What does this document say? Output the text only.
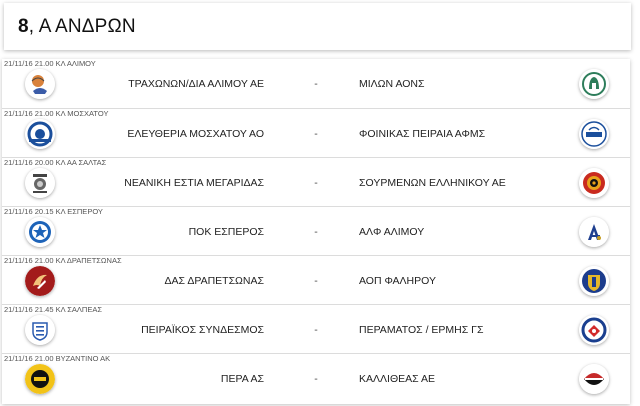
8, Α ΑΝΔΡΩΝ
21/11/16 21.00 ΚΛ ΑΛΙΜΟΥ
ΤΡΑΧΩΝΩΝ/ΔΙΑ ΑΛΙΜΟΥ ΑΕ	-	ΜΙΛΩΝ ΑΟΝΣ
21/11/16 21.00 ΚΛ ΜΟΣΧΑΤΟΥ
ΕΛΕΥΘΕΡΙΑ ΜΟΣΧΑΤΟΥ ΑΟ	-	ΦΟΙΝΙΚΑΣ ΠΕΙΡΑΙΑ ΑΦΜΣ
21/11/16 20.00 ΚΛ ΑΑ ΣΑΛΤΑΣ
ΝΕΑΝΙΚΗ ΕΣΤΙΑ ΜΕΓΑΡΙΔΑΣ	-	ΣΟΥΡΜΕΝΩΝ ΕΛΛΗΝΙΚΟΥ ΑΕ
21/11/16 20.15 ΚΛ ΕΣΠΕΡΟΥ
ΠΟΚ ΕΣΠΕΡΟΣ	-	ΑΛΦ ΑΛΙΜΟΥ
21/11/16 21.00 ΚΛ ΔΡΑΠΕΤΣΩΝΑΣ
ΔΑΣ ΔΡΑΠΕΤΣΩΝΑΣ	-	ΑΟΠ ΦΑΛΗΡΟΥ
21/11/16 21.45 ΚΛ ΣΑΛΠΕΑΣ
ΠΕΙΡΑΪΚΟΣ ΣΥΝΔΕΣΜΟΣ	-	ΠΕΡΑΜΑΤΟΣ / ΕΡΜΗΣ ΓΣ
21/11/16 21.00 ΒΥΖΑΝΤΙΝΟ ΑΚ
ΠΕΡΑ ΑΣ	-	ΚΑΛΛΙΘΕΑΣ ΑΕ
